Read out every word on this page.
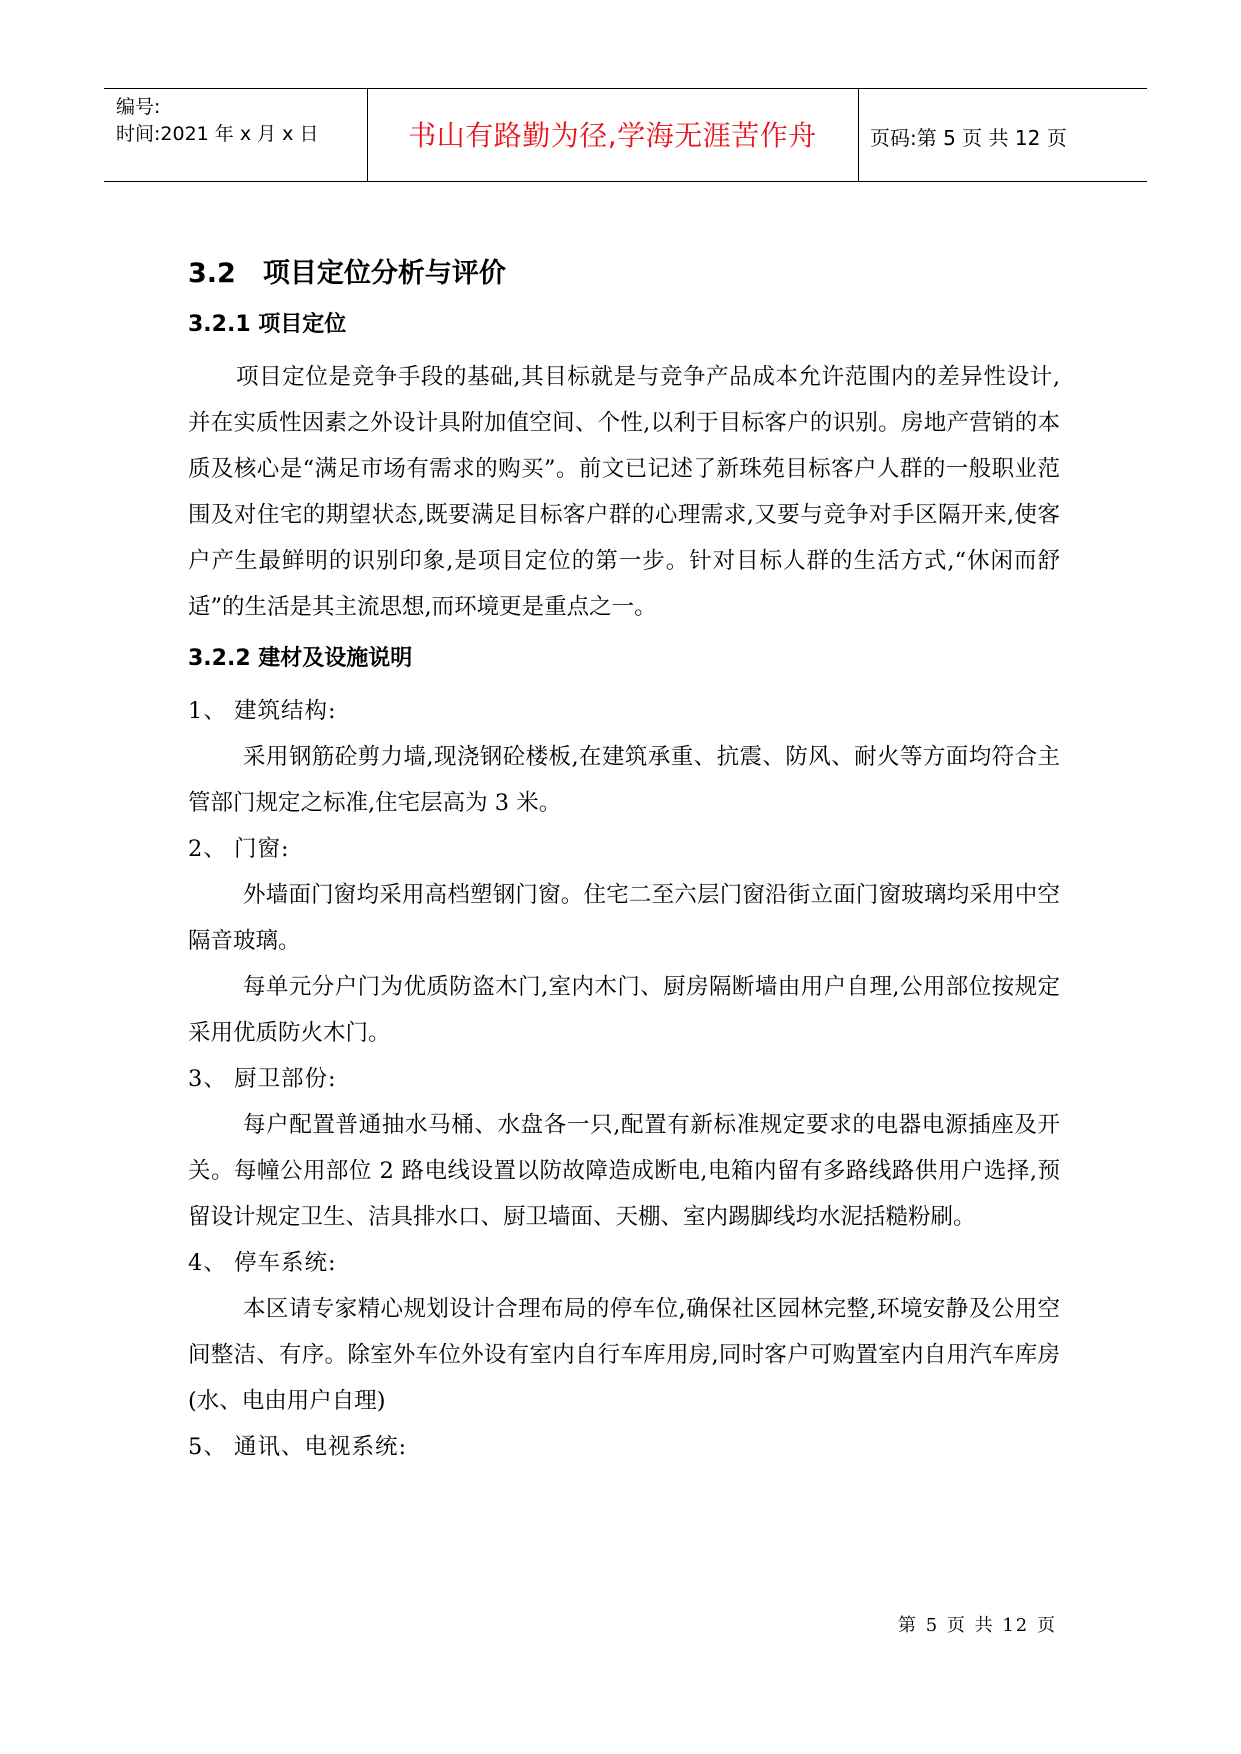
编号:
时间:2021 年 x 月 x 日	书山有路勤为径,学海无涯苦作舟	页码:第 5 页 共 12 页
3.2　项目定位分析与评价
3.2.1 项目定位

项目定位是竞争手段的基础,其目标就是与竞争产品成本允许范围内的差异性设计,并在实质性因素之外设计具附加值空间、个性,以利于目标客户的识别。房地产营销的本质及核心是“满足市场有需求的购买”。前文已记述了新珠苑目标客户人群的一般职业范围及对住宅的期望状态,既要满足目标客户群的心理需求,又要与竞争对手区隔开来,使客户产生最鲜明的识别印象,是项目定位的第一步。针对目标人群的生活方式,“休闲而舒适”的生活是其主流思想,而环境更是重点之一。

3.2.2 建材及设施说明

1、 建筑结构:

采用钢筋砼剪力墙,现浇钢砼楼板,在建筑承重、抗震、防风、耐火等方面均符合主管部门规定之标准,住宅层高为 3 米。

2、 门窗:

外墙面门窗均采用高档塑钢门窗。住宅二至六层门窗沿街立面门窗玻璃均采用中空隔音玻璃。

每单元分户门为优质防盗木门,室内木门、厨房隔断墙由用户自理,公用部位按规定采用优质防火木门。

3、 厨卫部份:

每户配置普通抽水马桶、水盘各一只,配置有新标准规定要求的电器电源插座及开关。每幢公用部位 2 路电线设置以防故障造成断电,电箱内留有多路线路供用户选择,预留设计规定卫生、洁具排水口、厨卫墙面、天棚、室内踢脚线均水泥括糙粉刷。

4、 停车系统:

本区请专家精心规划设计合理布局的停车位,确保社区园林完整,环境安静及公用空间整洁、有序。除室外车位外设有室内自行车库用房,同时客户可购置室内自用汽车库房(水、电由用户自理)

5、 通讯、电视系统:

第 5 页 共 12 页
